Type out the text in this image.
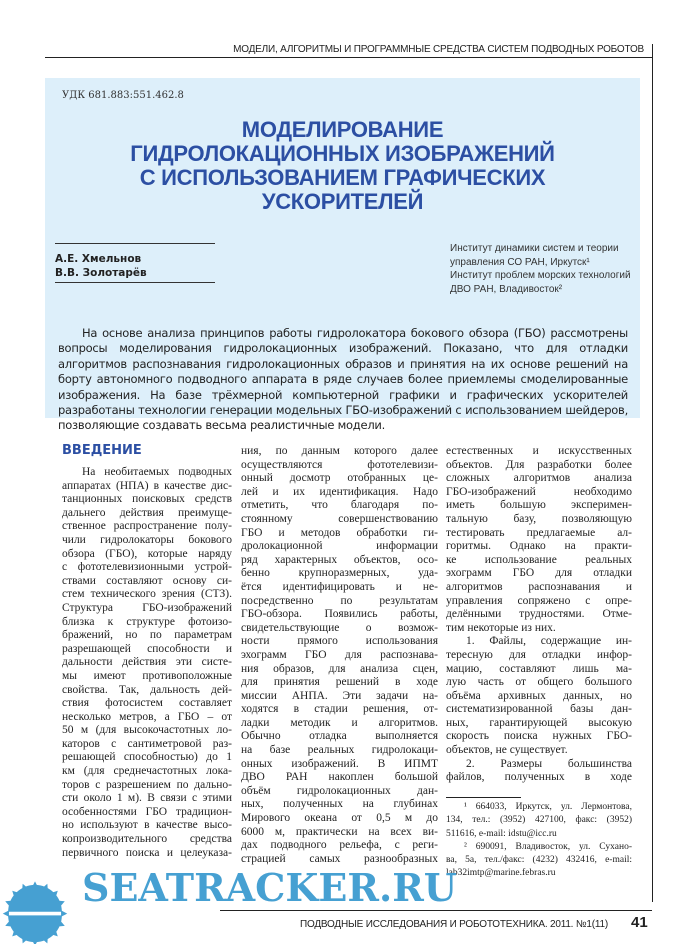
МОДЕЛИ, АЛГОРИТМЫ И ПРОГРАММНЫЕ СРЕДСТВА СИСТЕМ ПОДВОДНЫХ РОБОТОВ
УДК 681.883:551.462.8
МОДЕЛИРОВАНИЕ
ГИДРОЛОКАЦИОННЫХ ИЗОБРАЖЕНИЙ
С ИСПОЛЬЗОВАНИЕМ ГРАФИЧЕСКИХ
УСКОРИТЕЛЕЙ
А.Е. Хмельнов
В.В. Золотарёв
Институт динамики систем и теории
управления СО РАН, Иркутск¹
Институт проблем морских технологий
ДВО РАН, Владивосток²
На основе анализа принципов работы гидролокатора бокового обзора (ГБО) рассмотрены вопросы моделирования гидролокационных изображений. Показано, что для отладки алгоритмов распознавания гидролокационных образов и принятия на их основе решений на борту автономного подводного аппарата в ряде случаев более приемлемы смоделированные изображения. На базе трёхмерной компьютерной графики и графических ускорителей разработаны технологии генерации модельных ГБО-изображений с использованием шейдеров, позволяющие создавать весьма реалистичные модели.
ВВЕДЕНИЕ
На необитаемых подводных
аппаратах (НПА) в качестве дис-
танционных поисковых средств
дальнего действия преимуще-
ственное распространение полу-
чили гидролокаторы бокового
обзора (ГБО), которые наряду
с фототелевизионными устрой-
ствами составляют основу си-
стем технического зрения (СТЗ).
Структура ГБО-изображений
близка к структуре фотоизо-
бражений, но по параметрам
разрешающей способности и
дальности действия эти систе-
мы имеют противоположные
свойства. Так, дальность дей-
ствия фотосистем составляет
несколько метров, а ГБО – от
50 м (для высокочастотных ло-
каторов с сантиметровой раз-
решающей способностью) до 1
км (для среднечастотных лока-
торов с разрешением по дально-
сти около 1 м). В связи с этими
особенностями ГБО традицион-
но используют в качестве высо-
копроизводительного средства
первичного поиска и целеуказа-
ния, по данным которого далее
осуществляются фототелевизи-
онный досмотр отобранных це-
лей и их идентификация. Надо
отметить, что благодаря по-
стоянному совершенствованию
ГБО и методов обработки ги-
дролокационной информации
ряд характерных объектов, осо-
бенно крупноразмерных, уда-
ётся идентифицировать и не-
посредственно по результатам
ГБО-обзора. Появились работы,
свидетельствующие о возмож-
ности прямого использования
эхограмм ГБО для распознава-
ния образов, для анализа сцен,
для принятия решений в ходе
миссии АНПА. Эти задачи на-
ходятся в стадии решения, от-
ладки методик и алгоритмов.
Обычно отладка выполняется
на базе реальных гидролокаци-
онных изображений. В ИПМТ
ДВО РАН накоплен большой
объём гидролокационных дан-
ных, полученных на глубинах
Мирового океана от 0,5 м до
6000 м, практически на всех ви-
дах подводного рельефа, с реги-
страцией самых разнообразных
естественных и искусственных
объектов. Для разработки более
сложных алгоритмов анализа
ГБО-изображений необходимо
иметь большую эксперимен-
тальную базу, позволяющую
тестировать предлагаемые ал-
горитмы. Однако на практи-
ке использование реальных
эхограмм ГБО для отладки
алгоритмов распознавания и
управления сопряжено с опре-
делёнными трудностями. Отме-
тим некоторые из них.
1. Файлы, содержащие ин-
тересную для отладки инфор-
мацию, составляют лишь ма-
лую часть от общего большого
объёма архивных данных, но
систематизированной базы дан-
ных, гарантирующей высокую
скорость поиска нужных ГБО-
объектов, не существует.
2. Размеры большинства
файлов, полученных в ходе
¹ 664033, Иркутск, ул. Лермонтова,
134, тел.: (3952) 427100, факс: (3952)
511616, e-mail: idstu@icc.ru
² 690091, Владивосток, ул. Сухано-
ва, 5а, тел./факс: (4232) 432416, e-mail:
lab32imtp@marine.febras.ru
SEATRACKER.RU
ПОДВОДНЫЕ ИССЛЕДОВАНИЯ И РОБОТОТЕХНИКА. 2011. №1(11) 41
